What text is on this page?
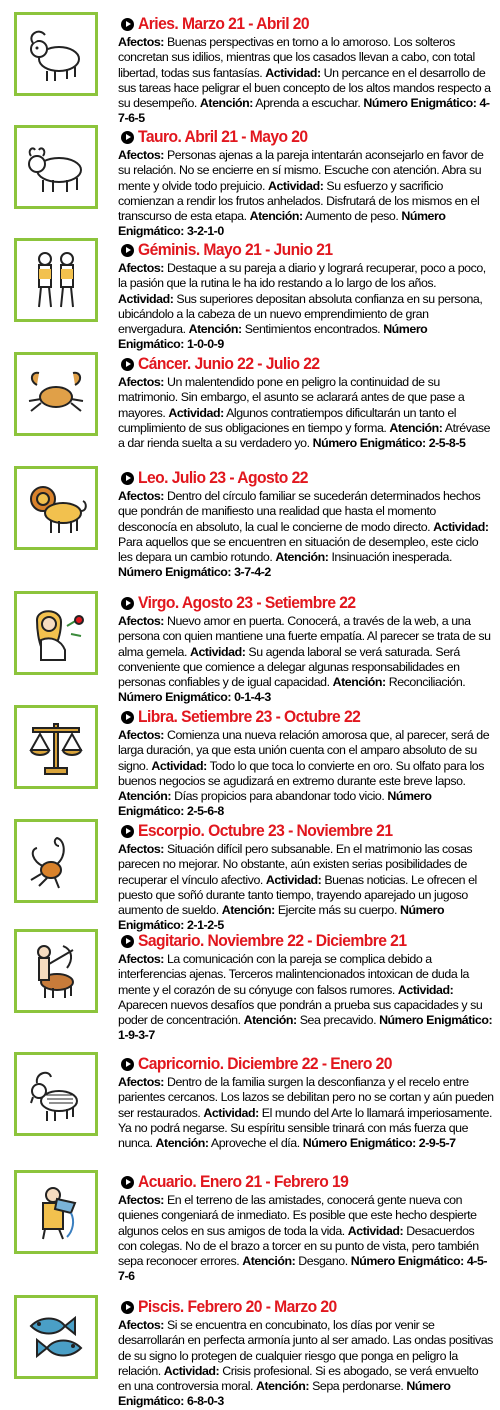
Aries. Marzo 21 - Abril 20

Afectos: Buenas perspectivas en torno a lo amoroso. Los solteros concretan sus idilios, mientras que los casados llevan a cabo, con total libertad, todas sus fantasías. Actividad: Un percance en el desarrollo de sus tareas hace peligrar el buen concepto de los altos mandos respecto a su desempeño. Atención: Aprenda a escuchar. Número Enigmático: 4-7-6-5

Tauro. Abril 21 - Mayo 20

Afectos: Personas ajenas a la pareja intentarán aconsejarlo en favor de su relación. No se encierre en sí mismo. Escuche con atención. Abra su mente y olvide todo prejuicio. Actividad: Su esfuerzo y sacrificio comienzan a rendir los frutos anhelados. Disfrutará de los mismos en el transcurso de esta etapa. Atención: Aumento de peso. Número Enigmático: 3-2-1-0

Géminis. Mayo 21 - Junio 21

Afectos: Destaque a su pareja a diario y logrará recuperar, poco a poco, la pasión que la rutina le ha ido restando a lo largo de los años. Actividad: Sus superiores depositan absoluta confianza en su persona, ubicándolo a la cabeza de un nuevo emprendimiento de gran envergadura. Atención: Sentimientos encontrados. Número Enigmático: 1-0-0-9

Cáncer. Junio 22 - Julio 22

Afectos: Un malentendido pone en peligro la continuidad de su matrimonio. Sin embargo, el asunto se aclarará antes de que pase a mayores. Actividad: Algunos contratiempos dificultarán un tanto el cumplimiento de sus obligaciones en tiempo y forma. Atención: Atrévase a dar rienda suelta a su verdadero yo. Número Enigmático: 2-5-8-5

Leo. Julio 23 - Agosto 22

Afectos: Dentro del círculo familiar se sucederán determinados hechos que pondrán de manifiesto una realidad que hasta el momento desconocía en absoluto, la cual le concierne de modo directo. Actividad: Para aquellos que se encuentren en situación de desempleo, este ciclo les depara un cambio rotundo. Atención: Insinuación inesperada. Número Enigmático: 3-7-4-2

Virgo. Agosto 23 - Setiembre 22

Afectos: Nuevo amor en puerta. Conocerá, a través de la web, a una persona con quien mantiene una fuerte empatía. Al parecer se trata de su alma gemela. Actividad: Su agenda laboral se verá saturada. Será conveniente que comience a delegar algunas responsabilidades en personas confiables y de igual capacidad. Atención: Reconciliación. Número Enigmático: 0-1-4-3

Libra. Setiembre 23 - Octubre 22

Afectos: Comienza una nueva relación amorosa que, al parecer, será de larga duración, ya que esta unión cuenta con el amparo absoluto de su signo. Actividad: Todo lo que toca lo convierte en oro. Su olfato para los buenos negocios se agudizará en extremo durante este breve lapso. Atención: Días propicios para abandonar todo vicio. Número Enigmático: 2-5-6-8

Escorpio. Octubre 23 - Noviembre 21

Afectos: Situación difícil pero subsanable. En el matrimonio las cosas parecen no mejorar. No obstante, aún existen serias posibilidades de recuperar el vínculo afectivo. Actividad: Buenas noticias. Le ofrecen el puesto que soñó durante tanto tiempo, trayendo aparejado un jugoso aumento de sueldo. Atención: Ejercite más su cuerpo. Número Enigmático: 2-1-2-5

Sagitario. Noviembre 22 - Diciembre 21

Afectos: La comunicación con la pareja se complica debido a interferencias ajenas. Terceros malintencionados intoxican de duda la mente y el corazón de su cónyuge con falsos rumores. Actividad: Aparecen nuevos desafíos que pondrán a prueba sus capacidades y su poder de concentración. Atención: Sea precavido. Número Enigmático: 1-9-3-7

Capricornio. Diciembre 22 - Enero 20

Afectos: Dentro de la familia surgen la desconfianza y el recelo entre parientes cercanos. Los lazos se debilitan pero no se cortan y aún pueden ser restaurados. Actividad: El mundo del Arte lo llamará imperiosamente. Ya no podrá negarse. Su espíritu sensible trinará con más fuerza que nunca. Atención: Aproveche el día. Número Enigmático: 2-9-5-7

Acuario. Enero 21 - Febrero 19

Afectos: En el terreno de las amistades, conocerá gente nueva con quienes congeniará de inmediato. Es posible que este hecho despierte algunos celos en sus amigos de toda la vida. Actividad: Desacuerdos con colegas. No de el brazo a torcer en su punto de vista, pero también sepa reconocer errores. Atención: Desgano. Número Enigmático: 4-5-7-6

Piscis. Febrero 20 - Marzo 20

Afectos: Si se encuentra en concubinato, los días por venir se desarrollarán en perfecta armonía junto al ser amado. Las ondas positivas de su signo lo protegen de cualquier riesgo que ponga en peligro la relación. Actividad: Crisis profesional. Si es abogado, se verá envuelto en una controversia moral. Atención: Sepa perdonarse. Número Enigmático: 6-8-0-3
